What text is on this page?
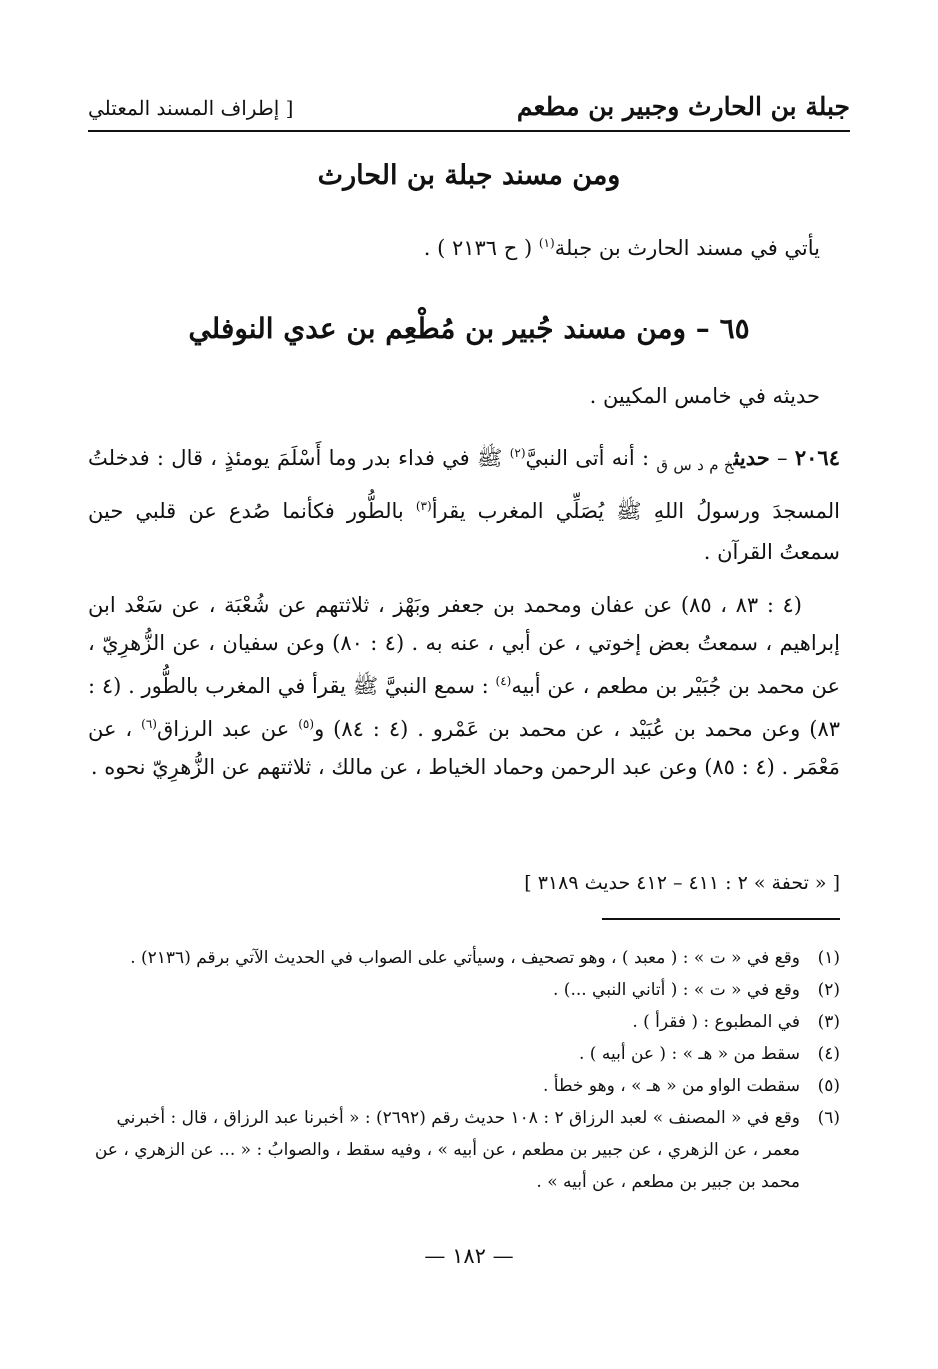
جبلة بن الحارث وجبير بن مطعم
[ إطراف المسند المعتلي
ومن مسند جبلة بن الحارث
يأتي في مسند الحارث بن جبلة$^{(١)}$ ( ح ٢١٣٦ ) .
٦٥ – ومن مسند جُبير بن مُطْعِم بن عدي النوفلي
حديثه في خامس المكيين .
٢٠٦٤ – حديث$_{خ م د س ق}$ : أنه أتى النبيَّ$^{(٢)}$ ﷺ في فداء بدر وما أَسْلَمَ يومئذٍ ، قال : فدخلتُ المسجدَ ورسولُ اللهِ ﷺ يُصَلِّي المغرب يقرأ$^{(٣)}$ بالطُّور فكأنما صُدع عن قلبي حين سمعتُ القرآن .
(٤ : ٨٣ ، ٨٥) عن عفان ومحمد بن جعفر وبَهْز ، ثلاثتهم عن شُعْبَة ، عن سَعْد ابن إبراهيم ، سمعتُ بعض إخوتي ، عن أبي ، عنه به . (٤ : ٨٠) وعن سفيان ، عن الزُّهرِيّ ، عن محمد بن جُبَيْر بن مطعم ، عن أبيه$^{(٤)}$ : سمع النبيَّ ﷺ يقرأ في المغرب بالطُّور . (٤ : ٨٣) وعن محمد بن عُبَيْد ، عن محمد بن عَمْرو . (٤ : ٨٤) و$^{(٥)}$ عن عبد الرزاق$^{(٦)}$ ، عن مَعْمَر . (٤ : ٨٥) وعن عبد الرحمن وحماد الخياط ، عن مالك ، ثلاثتهم عن الزُّهرِيّ نحوه .
[ « تحفة » ٢ : ٤١١ – ٤١٢ حديث ٣١٨٩ ]
(١)
وقع في « ت » : ( معبد ) ، وهو تصحيف ، وسيأتي على الصواب في الحديث الآتي برقم (٢١٣٦) .
(٢)
وقع في « ت » : ( أتاني النبي ...) .
(٣)
في المطبوع : ( فقرأ ) .
(٤)
سقط من « هـ » : ( عن أبيه ) .
(٥)
سقطت الواو من « هـ » ، وهو خطأ .
(٦)
وقع في « المصنف » لعبد الرزاق ٢ : ١٠٨ حديث رقم (٢٦٩٢) : « أخبرنا عبد الرزاق ، قال : أخبرني معمر ، عن الزهري ، عن جبير بن مطعم ، عن أبيه » ، وفيه سقط ، والصوابُ : « ... عن الزهري ، عن محمد بن جبير بن مطعم ، عن أبيه » .
— ١٨٢ —
